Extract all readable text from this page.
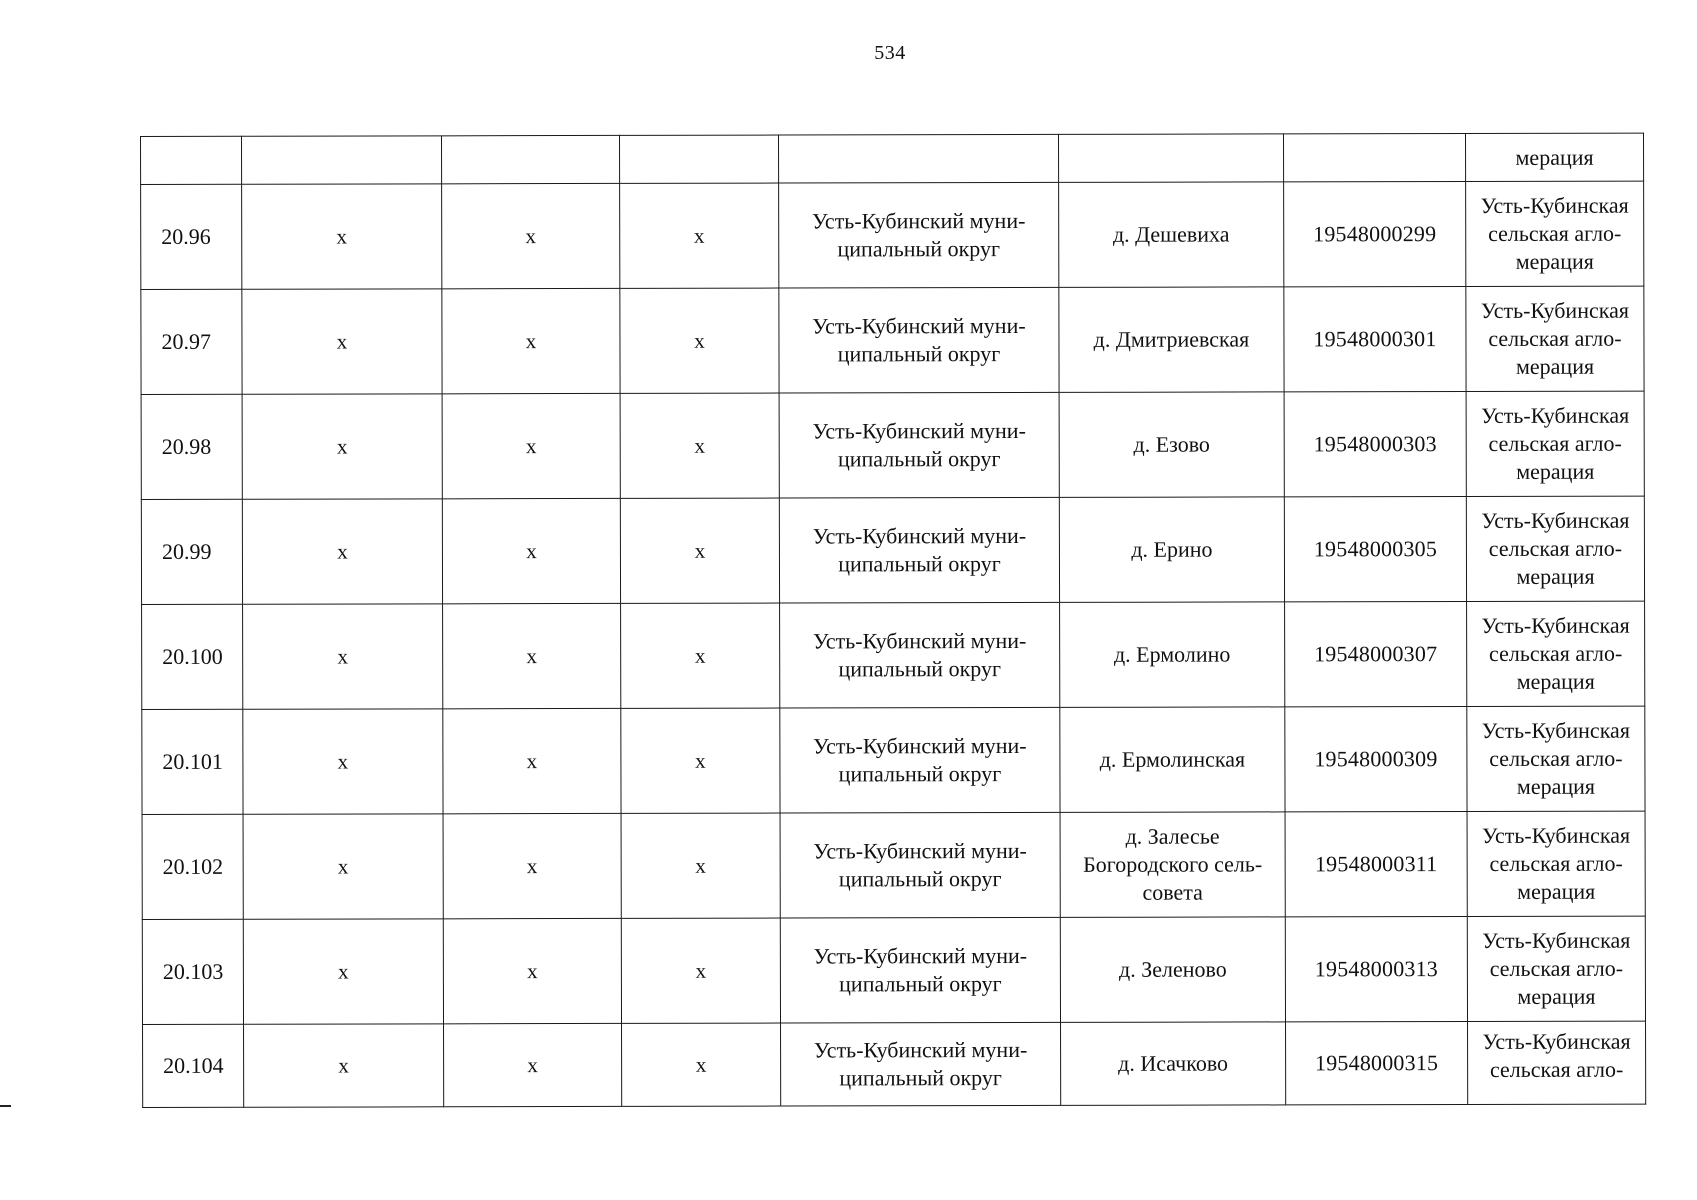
534
							мерация

20.96	х	х	х	Усть-Кубинский муни-
ципальный округ	д. Дешевиха	19548000299	Усть-Кубинская
сельская агло-
мерация

20.97	х	х	х	Усть-Кубинский муни-
ципальный округ	д. Дмитриевская	19548000301	Усть-Кубинская
сельская агло-
мерация

20.98	х	х	х	Усть-Кубинский муни-
ципальный округ	д. Езово	19548000303	Усть-Кубинская
сельская агло-
мерация

20.99	х	х	х	Усть-Кубинский муни-
ципальный округ	д. Ерино	19548000305	Усть-Кубинская
сельская агло-
мерация

20.100	х	х	х	Усть-Кубинский муни-
ципальный округ	д. Ермолино	19548000307	Усть-Кубинская
сельская агло-
мерация

20.101	х	х	х	Усть-Кубинский муни-
ципальный округ	д. Ермолинская	19548000309	Усть-Кубинская
сельская агло-
мерация

20.102	х	х	х	Усть-Кубинский муни-
ципальный округ	д. Залесье
Богородского сель-
совета	19548000311	Усть-Кубинская
сельская агло-
мерация

20.103	х	х	х	Усть-Кубинский муни-
ципальный округ	д. Зеленово	19548000313	Усть-Кубинская
сельская агло-
мерация

20.104	х	х	х	Усть-Кубинский муни-
ципальный округ	д. Исачково	19548000315	Усть-Кубинская
сельская агло-
